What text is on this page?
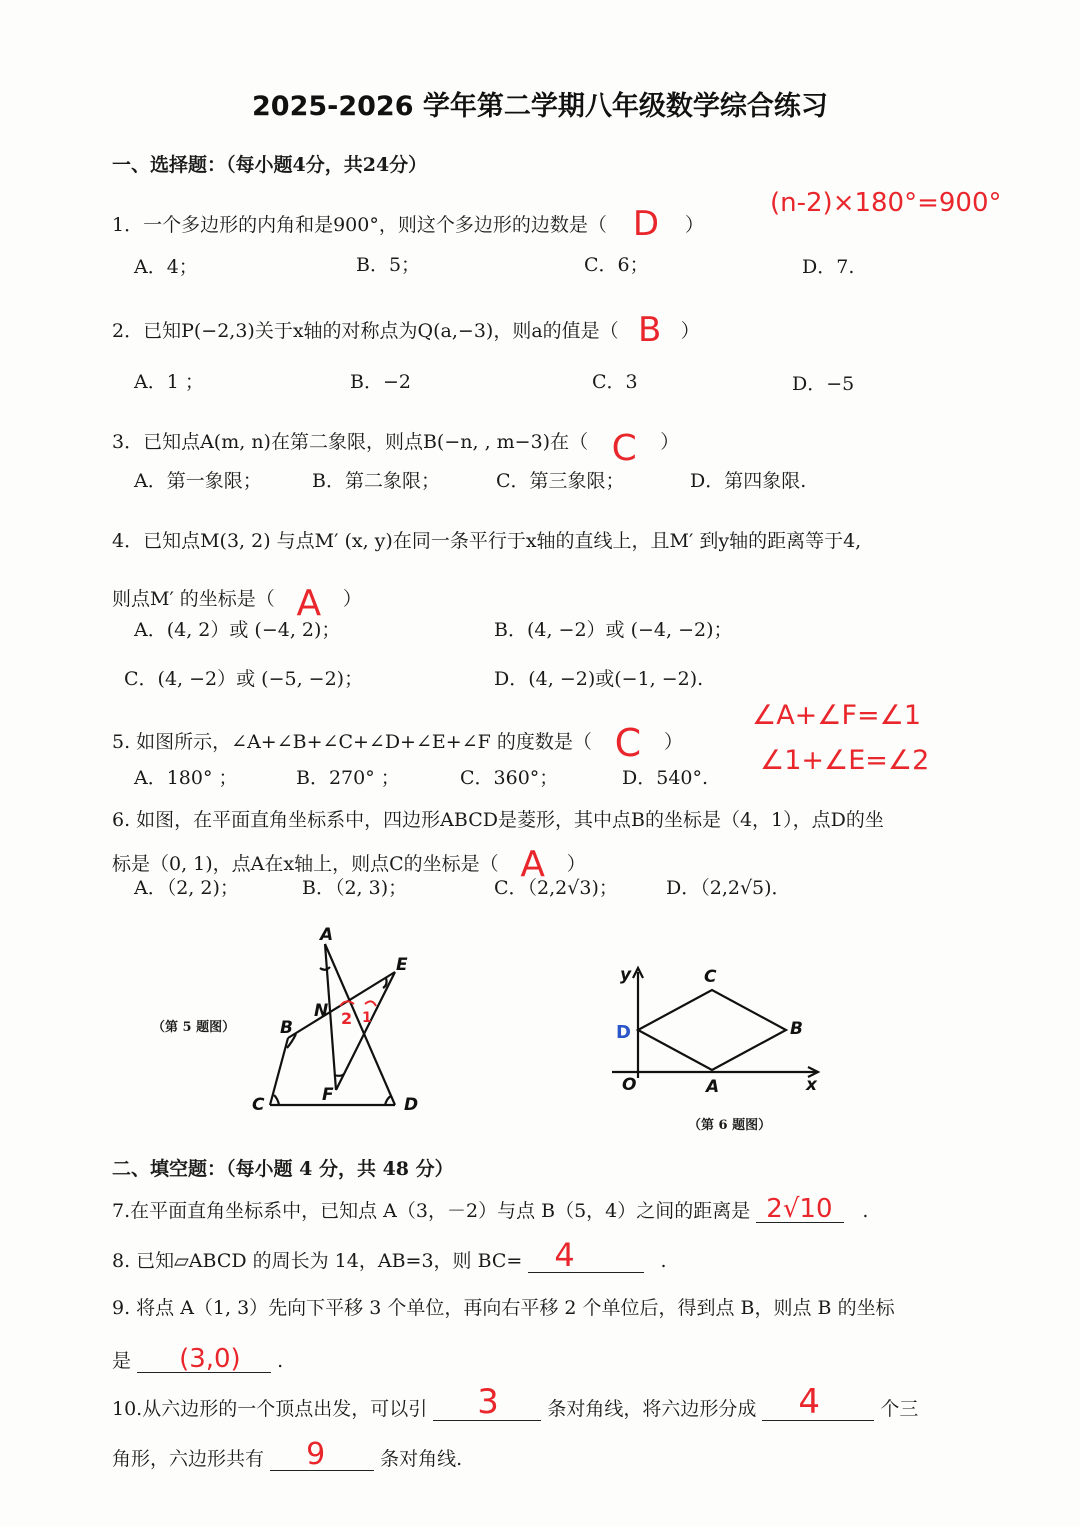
2025-2026 学年第二学期八年级数学综合练习
一、选择题：（每小题4分，共24分）
1．一个多边形的内角和是900°，则这个多边形的边数是（ D ）
(n-2)×180°=900°
A．4；	B．5；	C．6；	D．7.
2．已知P(−2,3)关于x轴的对称点为Q(a,−3)，则a的值是（ B ）
A．1 ；	B．−2	C．3	D．−5
3．已知点A(m, n)在第二象限，则点B(−n, , m−3)在（ C ）
A．第一象限；	B．第二象限；	C．第三象限；	D．第四象限.
4．已知点M(3, 2) 与点M′ (x, y)在同一条平行于x轴的直线上，且M′ 到y轴的距离等于4,
则点M′ 的坐标是（ A ）
A．(4, 2）或 (−4, 2)；	B．(4, −2）或 (−4, −2)；
C．(4, −2）或 (−5, −2)；	D．(4, −2)或(−1, −2).
5. 如图所示，∠A+∠B+∠C+∠D+∠E+∠F 的度数是（ C ）
∠A+∠F=∠1
∠1+∠E=∠2
A．180° ；	B．270° ；	C．360°；	D．540°.
6. 如图，在平面直角坐标系中，四边形ABCD是菱形，其中点B的坐标是（4，1），点D的坐
标是（0, 1)，点A在x轴上，则点C的坐标是（ A ）
A．（2, 2)；	B．（2, 3)；	C．（2,2√3)；	D．（2,2√5)．
（第 5 题图）
A
E
N
B
F
C	D
2 1
y	C
B
O	A	x
D
（第 6 题图）
二、填空题：（每小题 4 分，共 48 分）
7.在平面直角坐标系中，已知点 A（3，－2）与点 B（5，4）之间的距离是 2√10 .
8. 已知▱ABCD 的周长为 14，AB=3，则 BC= 4	.
9. 将点 A（1, 3）先向下平移 3 个单位，再向右平移 2 个单位后，得到点 B，则点 B 的坐标
是 (3,0) .
10.从六边形的一个顶点出发，可以引 3	条对角线，将六边形分成 4	个三
角形，六边形共有 9	条对角线.
